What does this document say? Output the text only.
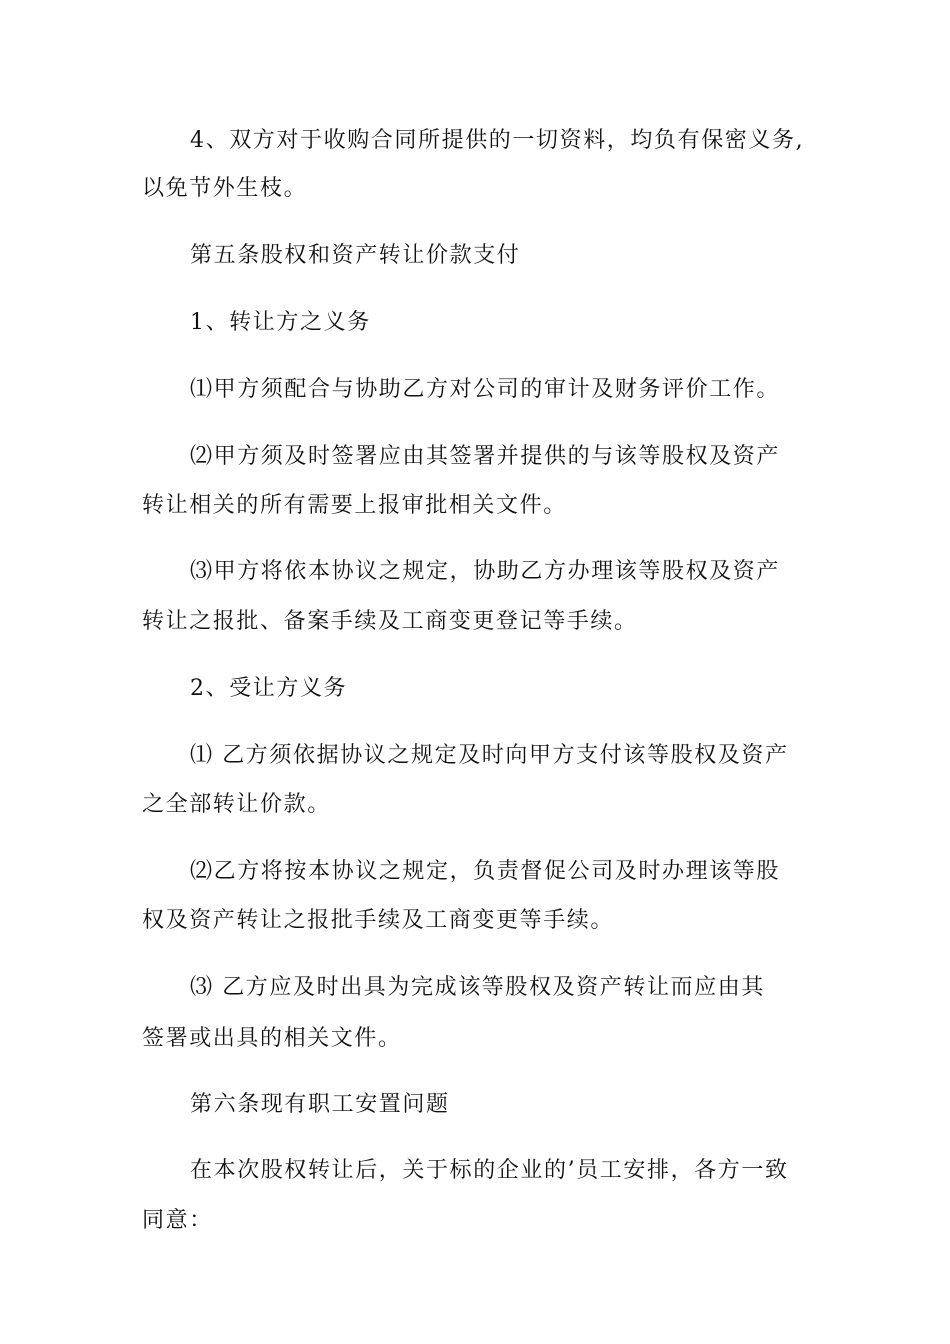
4、双方对于收购合同所提供的一切资料，均负有保密义务,
以免节外生枝。
第五条股权和资产转让价款支付
1、转让方之义务
⑴甲方须配合与协助乙方对公司的审计及财务评价工作。
⑵甲方须及时签署应由其签署并提供的与该等股权及资产
转让相关的所有需要上报审批相关文件。
⑶甲方将依本协议之规定，协助乙方办理该等股权及资产
转让之报批、备案手续及工商变更登记等手续。
2、受让方义务
⑴ 乙方须依据协议之规定及时向甲方支付该等股权及资产
之全部转让价款。
⑵乙方将按本协议之规定，负责督促公司及时办理该等股
权及资产转让之报批手续及工商变更等手续。
⑶ 乙方应及时出具为完成该等股权及资产转让而应由其
签署或出具的相关文件。
第六条现有职工安置问题
在本次股权转让后，关于标的企业的’员工安排，各方一致
同意：
